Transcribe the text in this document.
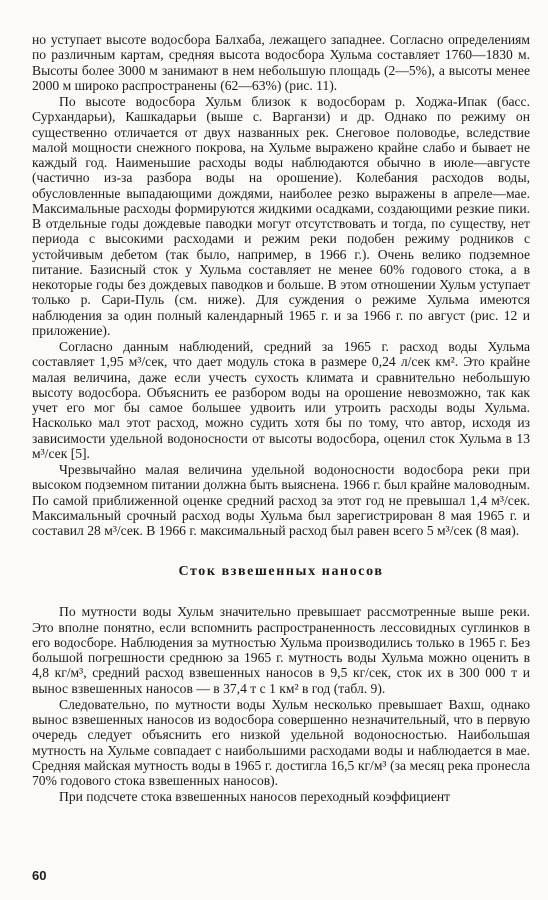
но уступает высоте водосбора Балхаба, лежащего западнее. Согласно определениям по различным картам, средняя высота водосбора Хульма составляет 1760—1830 м. Высоты более 3000 м занимают в нем небольшую площадь (2—5%), а высоты менее 2000 м широко распространены (62—63%) (рис. 11).

По высоте водосбора Хульм близок к водосборам р. Ходжа-Ипак (басс. Сурхандарьи), Кашкадарьи (выше с. Варганзи) и др. Однако по режиму он существенно отличается от двух названных рек. Снеговое половодье, вследствие малой мощности снежного покрова, на Хульме выражено крайне слабо и бывает не каждый год. Наименьшие расходы воды наблюдаются обычно в июле—августе (частично из-за разбора воды на орошение). Колебания расходов воды, обусловленные выпадающими дождями, наиболее резко выражены в апреле—мае. Максимальные расходы формируются жидкими осадками, создающими резкие пики. В отдельные годы дождевые паводки могут отсутствовать и тогда, по существу, нет периода с высокими расходами и режим реки подобен режиму родников с устойчивым дебетом (так было, например, в 1966 г.). Очень велико подземное питание. Базисный сток у Хульма составляет не менее 60% годового стока, а в некоторые годы без дождевых паводков и больше. В этом отношении Хульм уступает только р. Сари-Пуль (см. ниже). Для суждения о режиме Хульма имеются наблюдения за один полный календарный 1965 г. и за 1966 г. по август (рис. 12 и приложение).

Согласно данным наблюдений, средний за 1965 г. расход воды Хульма составляет 1,95 м³/сек, что дает модуль стока в размере 0,24 л/сек км². Это крайне малая величина, даже если учесть сухость климата и сравнительно небольшую высоту водосбора. Объяснить ее разбором воды на орошение невозможно, так как учет его мог бы самое большее удвоить или утроить расходы воды Хульма. Насколько мал этот расход, можно судить хотя бы по тому, что автор, исходя из зависимости удельной водоносности от высоты водосбора, оценил сток Хульма в 13 м³/сек [5].

Чрезвычайно малая величина удельной водоносности водосбора реки при высоком подземном питании должна быть выяснена. 1966 г. был крайне маловодным. По самой приближенной оценке средний расход за этот год не превышал 1,4 м³/сек. Максимальный срочный расход воды Хульма был зарегистрирован 8 мая 1965 г. и составил 28 м³/сек. В 1966 г. максимальный расход был равен всего 5 м³/сек (8 мая).

Сток взвешенных наносов

По мутности воды Хульм значительно превышает рассмотренные выше реки. Это вполне понятно, если вспомнить распространенность лессовидных суглинков в его водосборе. Наблюдения за мутностью Хульма производились только в 1965 г. Без большой погрешности среднюю за 1965 г. мутность воды Хульма можно оценить в 4,8 кг/м³, средний расход взвешенных наносов в 9,5 кг/сек, сток их в 300 000 т и вынос взвешенных наносов — в 37,4 т с 1 км² в год (табл. 9).

Следовательно, по мутности воды Хульм несколько превышает Вахш, однако вынос взвешенных наносов из водосбора совершенно незначительный, что в первую очередь следует объяснить его низкой удельной водоносностью. Наибольшая мутность на Хульме совпадает с наибольшими расходами воды и наблюдается в мае. Средняя майская мутность воды в 1965 г. достигла 16,5 кг/м³ (за месяц река пронесла 70% годового стока взвешенных наносов).

При подсчете стока взвешенных наносов переходный коэффициент

60
